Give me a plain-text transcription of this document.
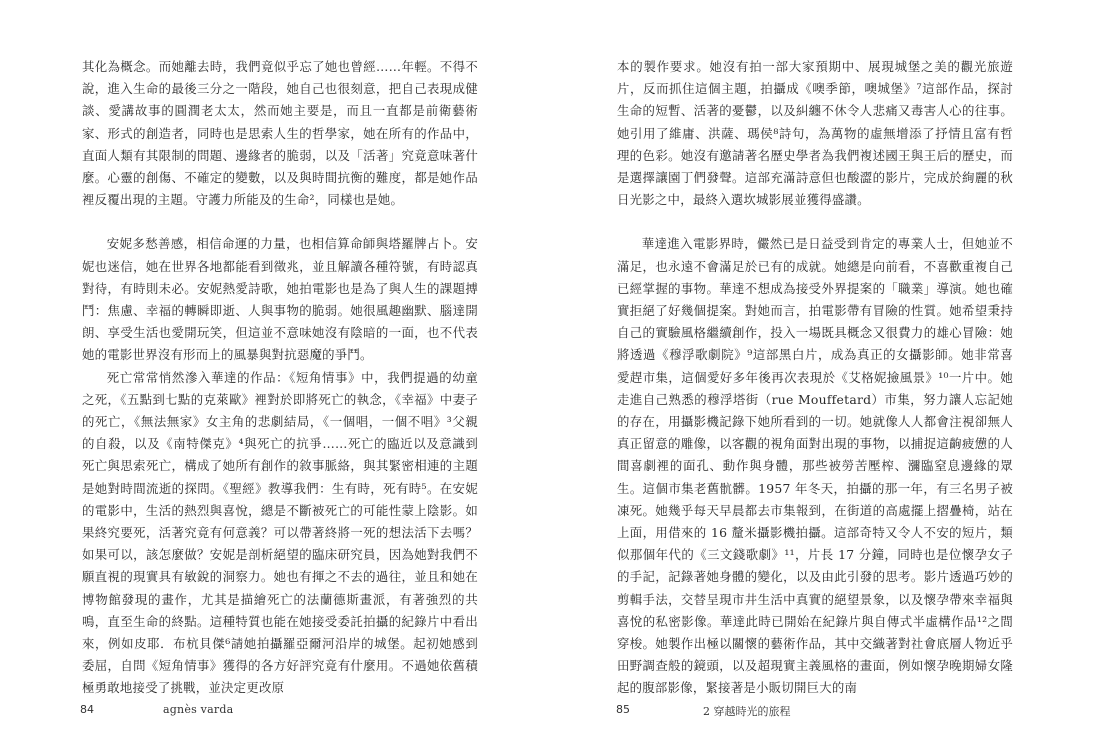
其化為概念。而她離去時，我們竟似乎忘了她也曾經……年輕。不得不說，進入生命的最後三分之一階段，她自己也很刻意，把自己表現成健談、愛講故事的圓潤老太太，然而她主要是，而且一直都是前衛藝術家、形式的創造者，同時也是思索人生的哲學家，她在所有的作品中，直面人類有其限制的問題、邊緣者的脆弱，以及「活著」究竟意味著什麼。心靈的創傷、不確定的變數，以及與時間抗衡的難度，都是她作品裡反覆出現的主題。守護力所能及的生命²，同樣也是她。

安妮多愁善感，相信命運的力量，也相信算命師與塔羅牌占卜。安妮也迷信，她在世界各地都能看到徵兆，並且解讀各種符號，有時認真對待，有時則未必。安妮熱愛詩歌，她拍電影也是為了與人生的課題搏鬥：焦慮、幸福的轉瞬即逝、人與事物的脆弱。她很風趣幽默、腦達開朗、享受生活也愛開玩笑，但這並不意味她沒有陰暗的一面，也不代表她的電影世界沒有形而上的風暴與對抗惡魔的爭鬥。

死亡常常悄然滲入華達的作品：《短角情事》中，我們提過的幼童之死，《五點到七點的克萊歐》裡對於即將死亡的執念，《幸福》中妻子的死亡，《無法無家》女主角的悲劇結局，《一個唱，一個不唱》³父親的自殺，以及《南特傑克》⁴與死亡的抗爭……死亡的臨近以及意識到死亡與思索死亡，構成了她所有創作的敘事脈絡，與其緊密相連的主題是她對時間流逝的探問。《聖經》教導我們：生有時，死有時⁵。在安妮的電影中，生活的熱烈與喜悅，總是不斷被死亡的可能性蒙上陰影。如果終究要死，活著究竟有何意義？可以帶著終將一死的想法活下去嗎？如果可以，該怎麼做？安妮是剖析絕望的臨床研究員，因為她對我們不願直視的現實具有敏銳的洞察力。她也有揮之不去的過往，並且和她在博物館發現的畫作，尤其是描繪死亡的法蘭德斯畫派，有著強烈的共鳴，直至生命的終點。這種特質也能在她接受委託拍攝的紀錄片中看出來，例如皮耶．布杭貝傑⁶請她拍攝羅亞爾河沿岸的城堡。起初她感到委屈，自問《短角情事》獲得的各方好評究竟有什麼用。不過她依舊積極勇敢地接受了挑戰，並決定更改原

84	agnès varda

本的製作要求。她沒有拍一部大家預期中、展現城堡之美的觀光旅遊片，反而抓住這個主題，拍攝成《噢季節，噢城堡》⁷這部作品，探討生命的短暫、活著的憂鬱，以及糾纏不休令人悲痛又毒害人心的往事。她引用了維庸、洪薩、瑪侯⁸詩句，為萬物的虛無增添了抒情且富有哲理的色彩。她沒有邀請著名歷史學者為我們複述國王與王后的歷史，而是選擇讓園丁們發聲。這部充滿詩意但也酸澀的影片，完成於絢麗的秋日光影之中，最終入選坎城影展並獲得盛讚。

華達進入電影界時，儼然已是日益受到肯定的專業人士，但她並不滿足，也永遠不會滿足於已有的成就。她總是向前看，不喜歡重複自己已經掌握的事物。華達不想成為接受外界提案的「職業」導演。她也確實拒絕了好幾個提案。對她而言，拍電影帶有冒險的性質。她希望秉持自己的實驗風格繼續創作，投入一場既具概念又很費力的雄心冒險：她將透過《穆浮歌劇院》⁹這部黑白片，成為真正的女攝影師。她非常喜愛趕市集，這個愛好多年後再次表現於《艾格妮撿風景》¹⁰一片中。她走進自己熟悉的穆浮塔街（rue Mouffetard）市集，努力讓人忘記她的存在，用攝影機記錄下她所看到的一切。她就像人人都會注視卻無人真正留意的雕像，以客觀的視角面對出現的事物，以捕捉這齣疲憊的人間喜劇裡的面孔、動作與身體，那些被勞苦壓榨、瀰臨窒息邊緣的眾生。這個市集老舊骯髒。1957 年冬天，拍攝的那一年，有三名男子被凍死。她幾乎每天早晨都去市集報到，在街道的高處擺上摺疊椅，站在上面，用借來的 16 釐米攝影機拍攝。這部奇特又令人不安的短片，類似那個年代的《三文錢歌劇》¹¹，片長 17 分鐘，同時也是位懷孕女子的手記，記錄著她身體的變化，以及由此引發的思考。影片透過巧妙的剪輯手法，交替呈現市井生活中真實的絕望景象，以及懷孕帶來幸福與喜悅的私密影像。華達此時已開始在紀錄片與自傳式半虛構作品¹²之間穿梭。她製作出極以關懷的藝術作品，其中交織著對社會底層人物近乎田野調查般的鏡頭，以及超現實主義風格的畫面，例如懷孕晚期婦女隆起的腹部影像，緊接著是小販切開巨大的南

85	2 穿越時光的旅程
